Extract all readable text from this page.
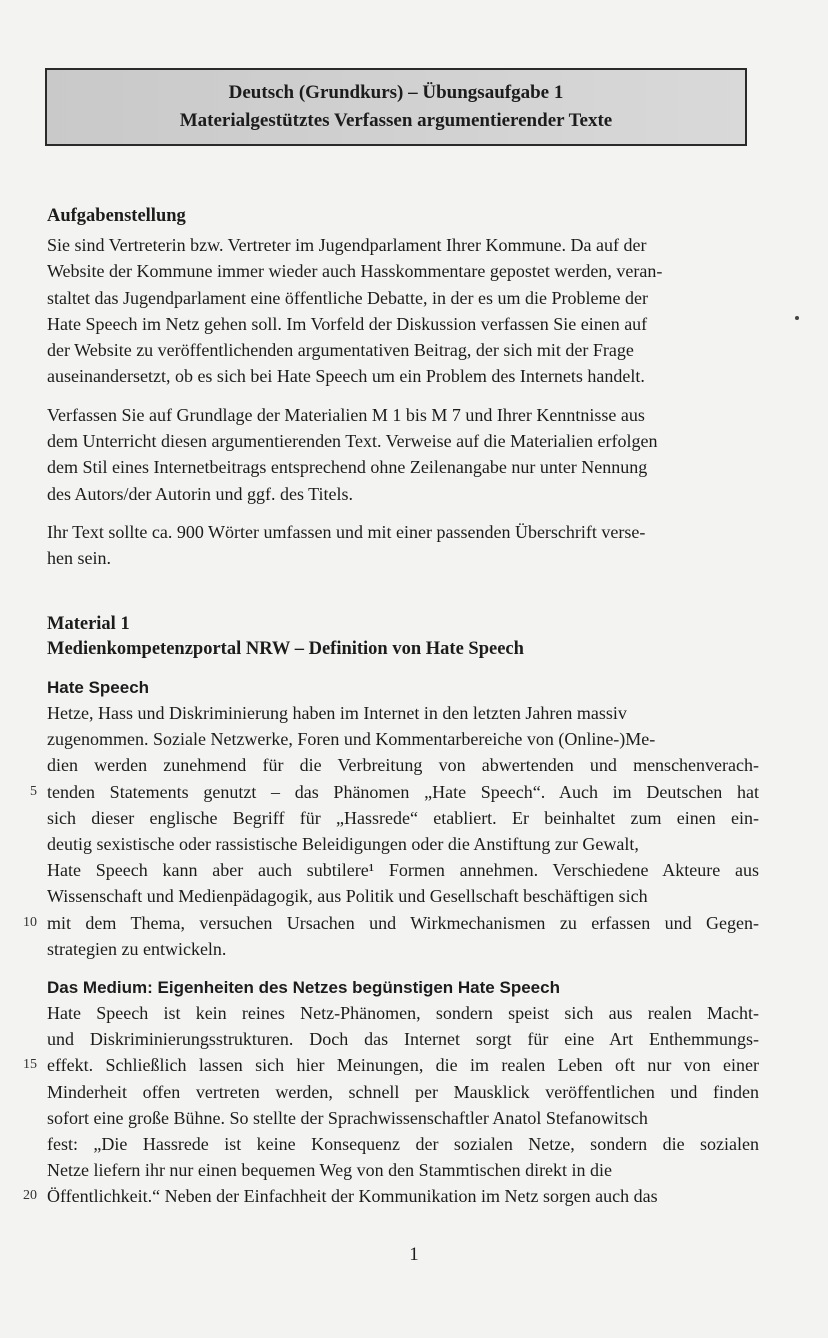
Deutsch (Grundkurs) – Übungsaufgabe 1
Materialgestütztes Verfassen argumentierender Texte
Aufgabenstellung
Sie sind Vertreterin bzw. Vertreter im Jugendparlament Ihrer Kommune. Da auf der
Website der Kommune immer wieder auch Hasskommentare gepostet werden, veran-
staltet das Jugendparlament eine öffentliche Debatte, in der es um die Probleme der
Hate Speech im Netz gehen soll. Im Vorfeld der Diskussion verfassen Sie einen auf
der Website zu veröffentlichenden argumentativen Beitrag, der sich mit der Frage
auseinandersetzt, ob es sich bei Hate Speech um ein Problem des Internets handelt.
Verfassen Sie auf Grundlage der Materialien M 1 bis M 7 und Ihrer Kenntnisse aus
dem Unterricht diesen argumentierenden Text. Verweise auf die Materialien erfolgen
dem Stil eines Internetbeitrags entsprechend ohne Zeilenangabe nur unter Nennung
des Autors/der Autorin und ggf. des Titels.
Ihr Text sollte ca. 900 Wörter umfassen und mit einer passenden Überschrift verse-
hen sein.
Material 1
Medienkompetenzportal NRW – Definition von Hate Speech
Hate Speech
Hetze, Hass und Diskriminierung haben im Internet in den letzten Jahren massiv
zugenommen. Soziale Netzwerke, Foren und Kommentarbereiche von (Online-)Me-
dien werden zunehmend für die Verbreitung von abwertenden und menschenverach-
5 tenden Statements genutzt – das Phänomen „Hate Speech“. Auch im Deutschen hat
sich dieser englische Begriff für „Hassrede“ etabliert. Er beinhaltet zum einen ein-
deutig sexistische oder rassistische Beleidigungen oder die Anstiftung zur Gewalt,
Hate Speech kann aber auch subtilere¹ Formen annehmen. Verschiedene Akteure aus
Wissenschaft und Medienpädagogik, aus Politik und Gesellschaft beschäftigen sich
10 mit dem Thema, versuchen Ursachen und Wirkmechanismen zu erfassen und Gegen-
strategien zu entwickeln.
Das Medium: Eigenheiten des Netzes begünstigen Hate Speech
Hate Speech ist kein reines Netz-Phänomen, sondern speist sich aus realen Macht-
und Diskriminierungsstrukturen. Doch das Internet sorgt für eine Art Enthemmungs-
15 effekt. Schließlich lassen sich hier Meinungen, die im realen Leben oft nur von einer
Minderheit offen vertreten werden, schnell per Mausklick veröffentlichen und finden
sofort eine große Bühne. So stellte der Sprachwissenschaftler Anatol Stefanowitsch
fest: „Die Hassrede ist keine Konsequenz der sozialen Netze, sondern die sozialen
Netze liefern ihr nur einen bequemen Weg von den Stammtischen direkt in die
20 Öffentlichkeit.“ Neben der Einfachheit der Kommunikation im Netz sorgen auch das
1
